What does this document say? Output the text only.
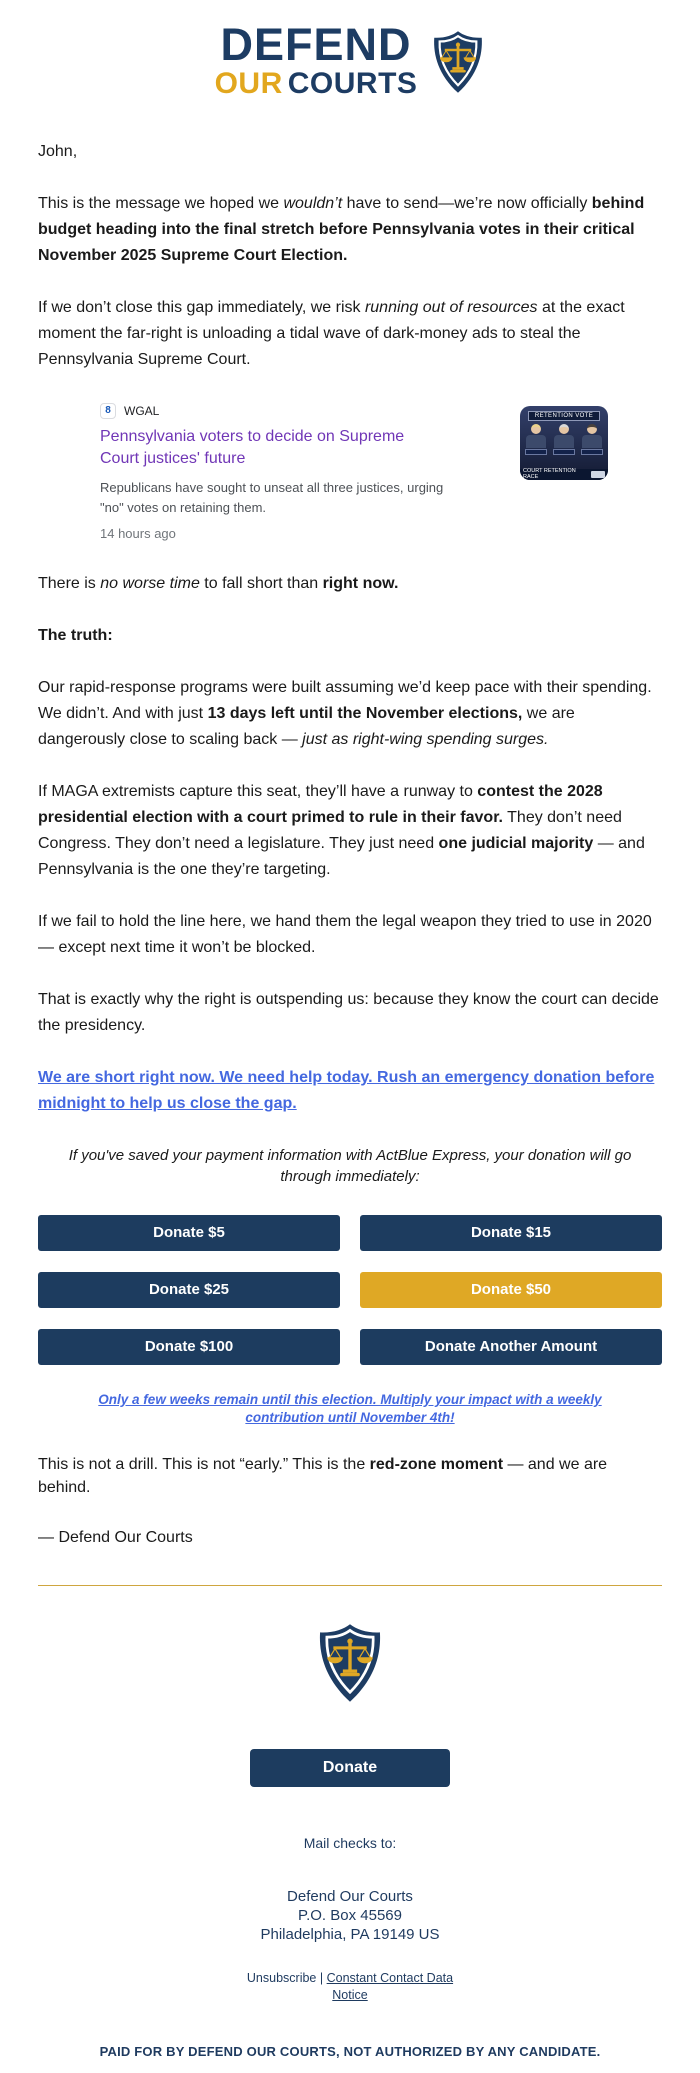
DEFEND
OUR COURTS

John,

This is the message we hoped we wouldn’t have to send—we’re now officially behind budget heading into the final stretch before Pennsylvania votes in their critical November 2025 Supreme Court Election.

If we don’t close this gap immediately, we risk running out of resources at the exact moment the far-right is unloading a tidal wave of dark-money ads to steal the Pennsylvania Supreme Court.

8	WGAL
Pennsylvania voters to decide on Supreme Court justices' future
Republicans have sought to unseat all three justices, urging "no" votes on retaining them.
14 hours ago
RETENTION VOTE
COURT RETENTION RACE

There is no worse time to fall short than right now.

The truth:

Our rapid-response programs were built assuming we’d keep pace with their spending. We didn’t. And with just 13 days left until the November elections, we are dangerously close to scaling back — just as right-wing spending surges.

If MAGA extremists capture this seat, they’ll have a runway to contest the 2028 presidential election with a court primed to rule in their favor. They don’t need Congress. They don’t need a legislature. They just need one judicial majority — and Pennsylvania is the one they’re targeting.

If we fail to hold the line here, we hand them the legal weapon they tried to use in 2020 — except next time it won’t be blocked.

That is exactly why the right is outspending us: because they know the court can decide the presidency.

We are short right now. We need help today. Rush an emergency donation before midnight to help us close the gap.

If you've saved your payment information with ActBlue Express, your donation will go through immediately:

Donate $5	Donate $15
Donate $25	Donate $50
Donate $100	Donate Another Amount

Only a few weeks remain until this election. Multiply your impact with a weekly contribution until November 4th!

This is not a drill. This is not “early.” This is the red-zone moment — and we are behind.

— Defend Our Courts

Donate
Mail checks to:
Defend Our Courts
P.O. Box 45569
Philadelphia, PA 19149 US
Unsubscribe | Constant Contact Data Notice
PAID FOR BY DEFEND OUR COURTS, NOT AUTHORIZED BY ANY CANDIDATE.
